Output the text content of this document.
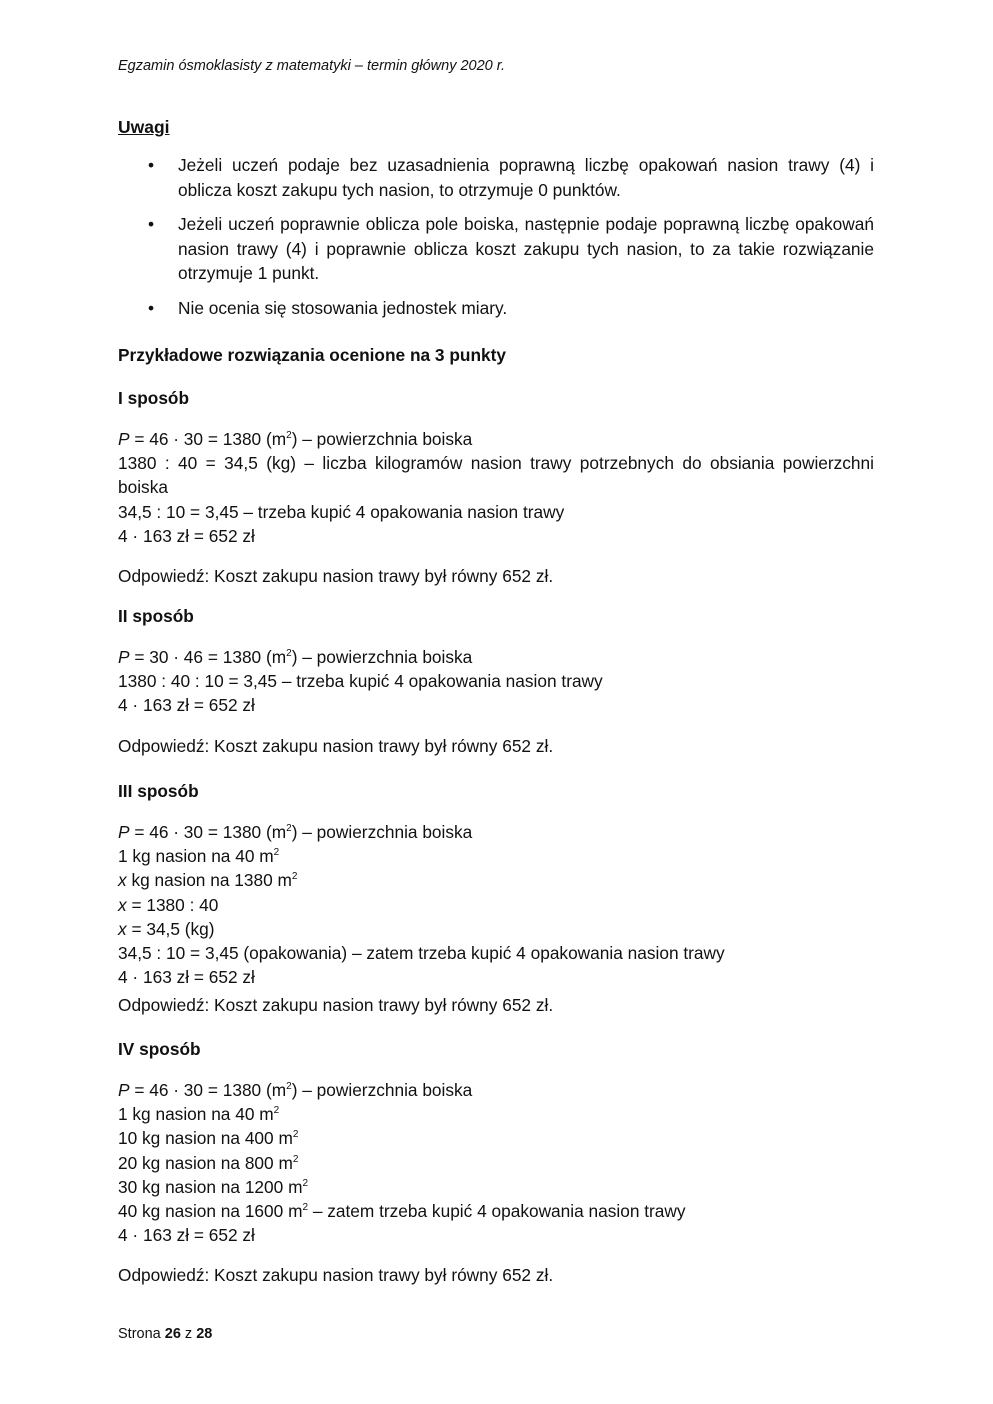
Egzamin ósmoklasisty z matematyki – termin główny 2020 r.
Uwagi
• Jeżeli uczeń podaje bez uzasadnienia poprawną liczbę opakowań nasion trawy (4) i oblicza koszt zakupu tych nasion, to otrzymuje 0 punktów.
• Jeżeli uczeń poprawnie oblicza pole boiska, następnie podaje poprawną liczbę opakowań nasion trawy (4) i poprawnie oblicza koszt zakupu tych nasion, to za takie rozwiązanie otrzymuje 1 punkt.
• Nie ocenia się stosowania jednostek miary.
Przykładowe rozwiązania ocenione na 3 punkty
I sposób
P = 46 · 30 = 1380 $(m^2)$ – powierzchnia boiska
1380 : 40 = 34,5 (kg) – liczba kilogramów nasion trawy potrzebnych do obsiania powierzchni boiska
34,5 : 10 = 3,45 – trzeba kupić 4 opakowania nasion trawy
4 · 163 zł = 652 zł
Odpowiedź: Koszt zakupu nasion trawy był równy 652 zł.
II sposób
P = 30 · 46 = 1380 $(m^2)$ – powierzchnia boiska
1380 : 40 : 10 = 3,45 – trzeba kupić 4 opakowania nasion trawy
4 · 163 zł = 652 zł
Odpowiedź: Koszt zakupu nasion trawy był równy 652 zł.
III sposób
P = 46 · 30 = 1380 $(m^2)$ – powierzchnia boiska
1 kg nasion na 40 $m^2$
x kg nasion na 1380 $m^2$
x = 1380 : 40
x = 34,5 (kg)
34,5 : 10 = 3,45 (opakowania) – zatem trzeba kupić 4 opakowania nasion trawy
4 · 163 zł = 652 zł
Odpowiedź: Koszt zakupu nasion trawy był równy 652 zł.
IV sposób
P = 46 · 30 = 1380 $(m^2)$ – powierzchnia boiska
1 kg nasion na 40 $m^2$
10 kg nasion na 400 $m^2$
20 kg nasion na 800 $m^2$
30 kg nasion na 1200 $m^2$
40 kg nasion na 1600 $m^2$ – zatem trzeba kupić 4 opakowania nasion trawy
4 · 163 zł = 652 zł
Odpowiedź: Koszt zakupu nasion trawy był równy 652 zł.
Strona 26 z 28
